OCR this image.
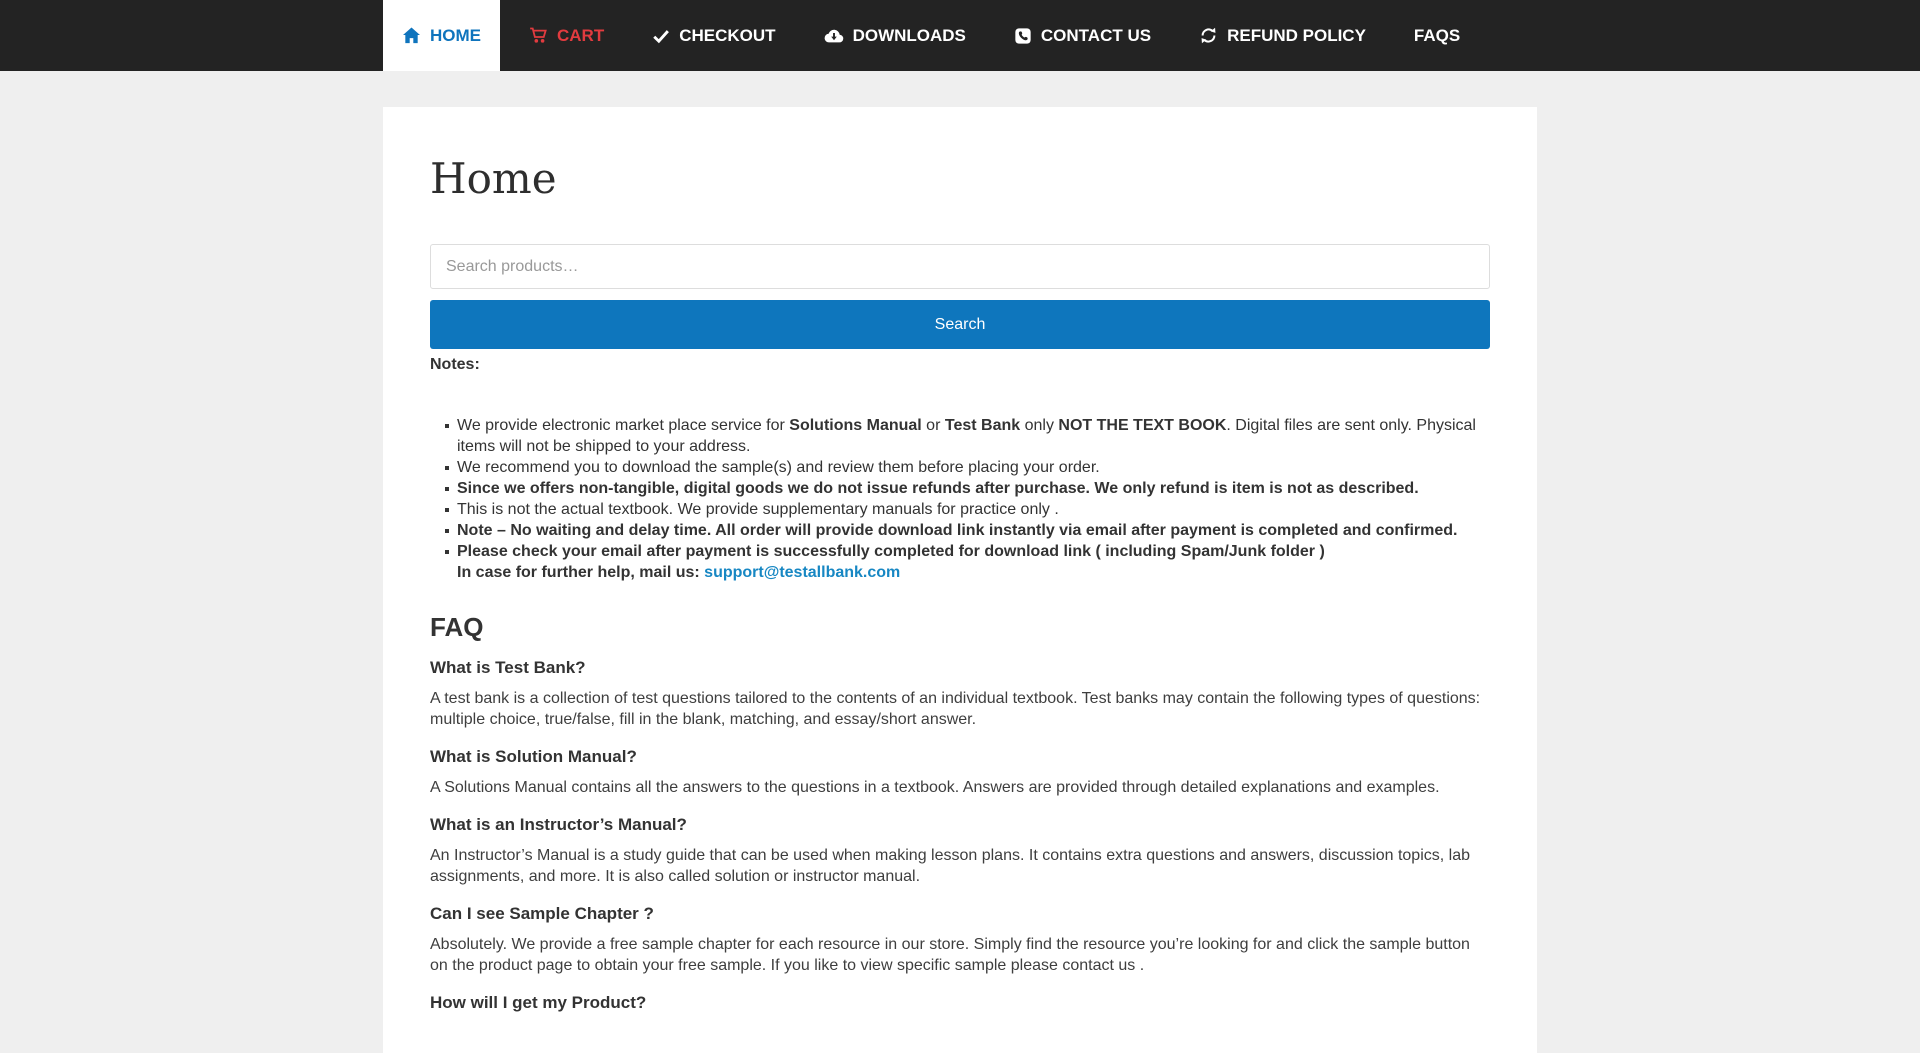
HOME	CART	CHECKOUT	DOWNLOADS	CONTACT US	REFUND POLICY	FAQS
Home
Search products…
Search

Notes:

We provide electronic market place service for Solutions Manual or Test Bank only NOT THE TEXT BOOK. Digital files are sent only. Physical items will not be shipped to your address.
We recommend you to download the sample(s) and review them before placing your order.
Since we offers non-tangible, digital goods we do not issue refunds after purchase. We only refund is item is not as described.
This is not the actual textbook. We provide supplementary manuals for practice only .
Note – No waiting and delay time. All order will provide download link instantly via email after payment is completed and confirmed.
Please check your email after payment is successfully completed for download link ( including Spam/Junk folder )

In case for further help, mail us: support@testallbank.com

FAQ

What is Test Bank?

A test bank is a collection of test questions tailored to the contents of an individual textbook. Test banks may contain the following types of questions: multiple choice, true/false, fill in the blank, matching, and essay/short answer.

What is Solution Manual?

A Solutions Manual contains all the answers to the questions in a textbook. Answers are provided through detailed explanations and examples.

What is an Instructor’s Manual?

An Instructor’s Manual is a study guide that can be used when making lesson plans. It contains extra questions and answers, discussion topics, lab assignments, and more. It is also called solution or instructor manual.

Can I see Sample Chapter ?

Absolutely. We provide a free sample chapter for each resource in our store. Simply find the resource you’re looking for and click the sample button on the product page to obtain your free sample. If you like to view specific sample please contact us .

How will I get my Product?
